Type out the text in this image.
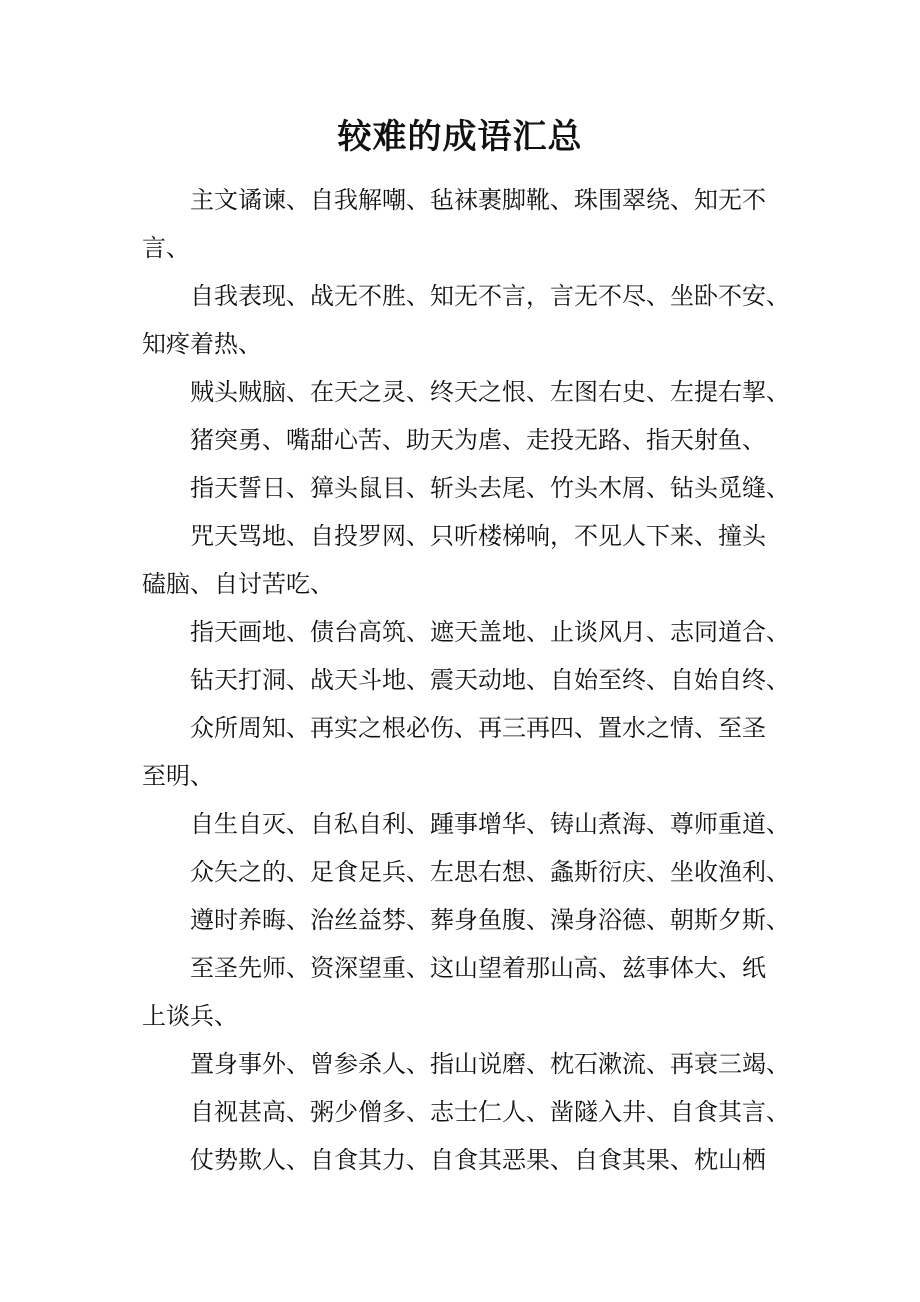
较难的成语汇总
主文谲谏、自我解嘲、毡袜裹脚靴、珠围翠绕、知无不
言、
自我表现、战无不胜、知无不言，言无不尽、坐卧不安、
知疼着热、
贼头贼脑、在天之灵、终天之恨、左图右史、左提右挈、
猪突勇、嘴甜心苦、助天为虐、走投无路、指天射鱼、
指天誓日、獐头鼠目、斩头去尾、竹头木屑、钻头觅缝、
咒天骂地、自投罗网、只听楼梯响，不见人下来、撞头
磕脑、自讨苦吃、
指天画地、债台高筑、遮天盖地、止谈风月、志同道合、
钻天打洞、战天斗地、震天动地、自始至终、自始自终、
众所周知、再实之根必伤、再三再四、置水之情、至圣
至明、
自生自灭、自私自利、踵事增华、铸山煮海、尊师重道、
众矢之的、足食足兵、左思右想、螽斯衍庆、坐收渔利、
遵时养晦、治丝益棼、葬身鱼腹、澡身浴德、朝斯夕斯、
至圣先师、资深望重、这山望着那山高、兹事体大、纸
上谈兵、
置身事外、曾参杀人、指山说磨、枕石漱流、再衰三竭、
自视甚高、粥少僧多、志士仁人、凿隧入井、自食其言、
仗势欺人、自食其力、自食其恶果、自食其果、枕山栖
